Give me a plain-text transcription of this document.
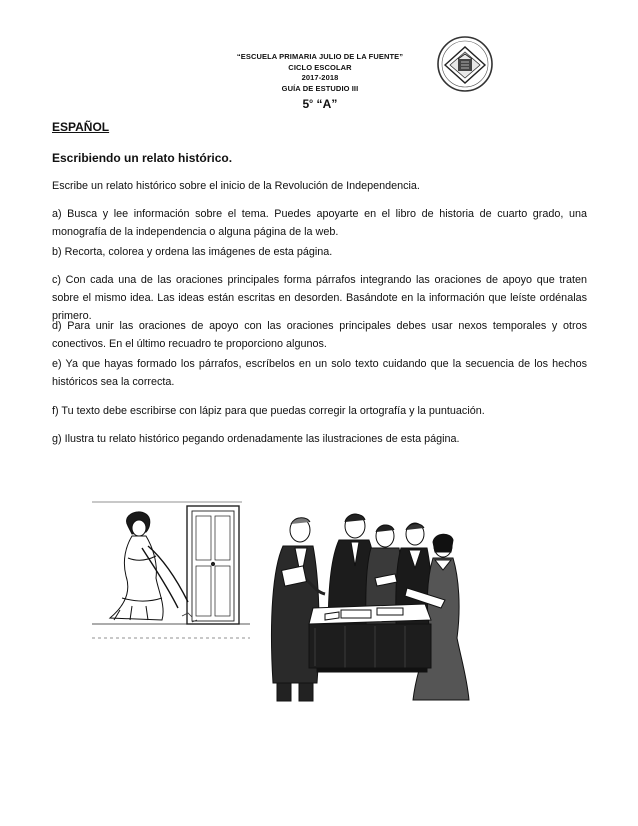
“ESCUELA PRIMARIA JULIO DE LA FUENTE”
CICLO ESCOLAR
2017-2018
GUÍA DE ESTUDIO III
5$^o$ “A”
ESPAÑOL
Escribiendo un relato histórico.
Escribe un relato histórico sobre el inicio de la Revolución de Independencia.
a) Busca y lee información sobre el tema. Puedes apoyarte en el libro de historia de cuarto grado, una monografía de la independencia o alguna página de la web.
b) Recorta, colorea y ordena las imágenes de esta página.
c) Con cada una de las oraciones principales forma párrafos integrando las oraciones de apoyo que traten sobre el mismo idea. Las ideas están escritas en desorden. Basándote en la información que leíste ordénalas primero.
d) Para unir las oraciones de apoyo con las oraciones principales debes usar nexos temporales y otros conectivos. En el último recuadro te proporciono algunos.
e) Ya que hayas formado los párrafos, escríbelos en un solo texto cuidando que la secuencia de los hechos históricos sea la correcta.
f) Tu texto debe escribirse con lápiz para que puedas corregir la ortografía y la puntuación.
g) Ilustra tu relato histórico pegando ordenadamente las ilustraciones de esta página.
